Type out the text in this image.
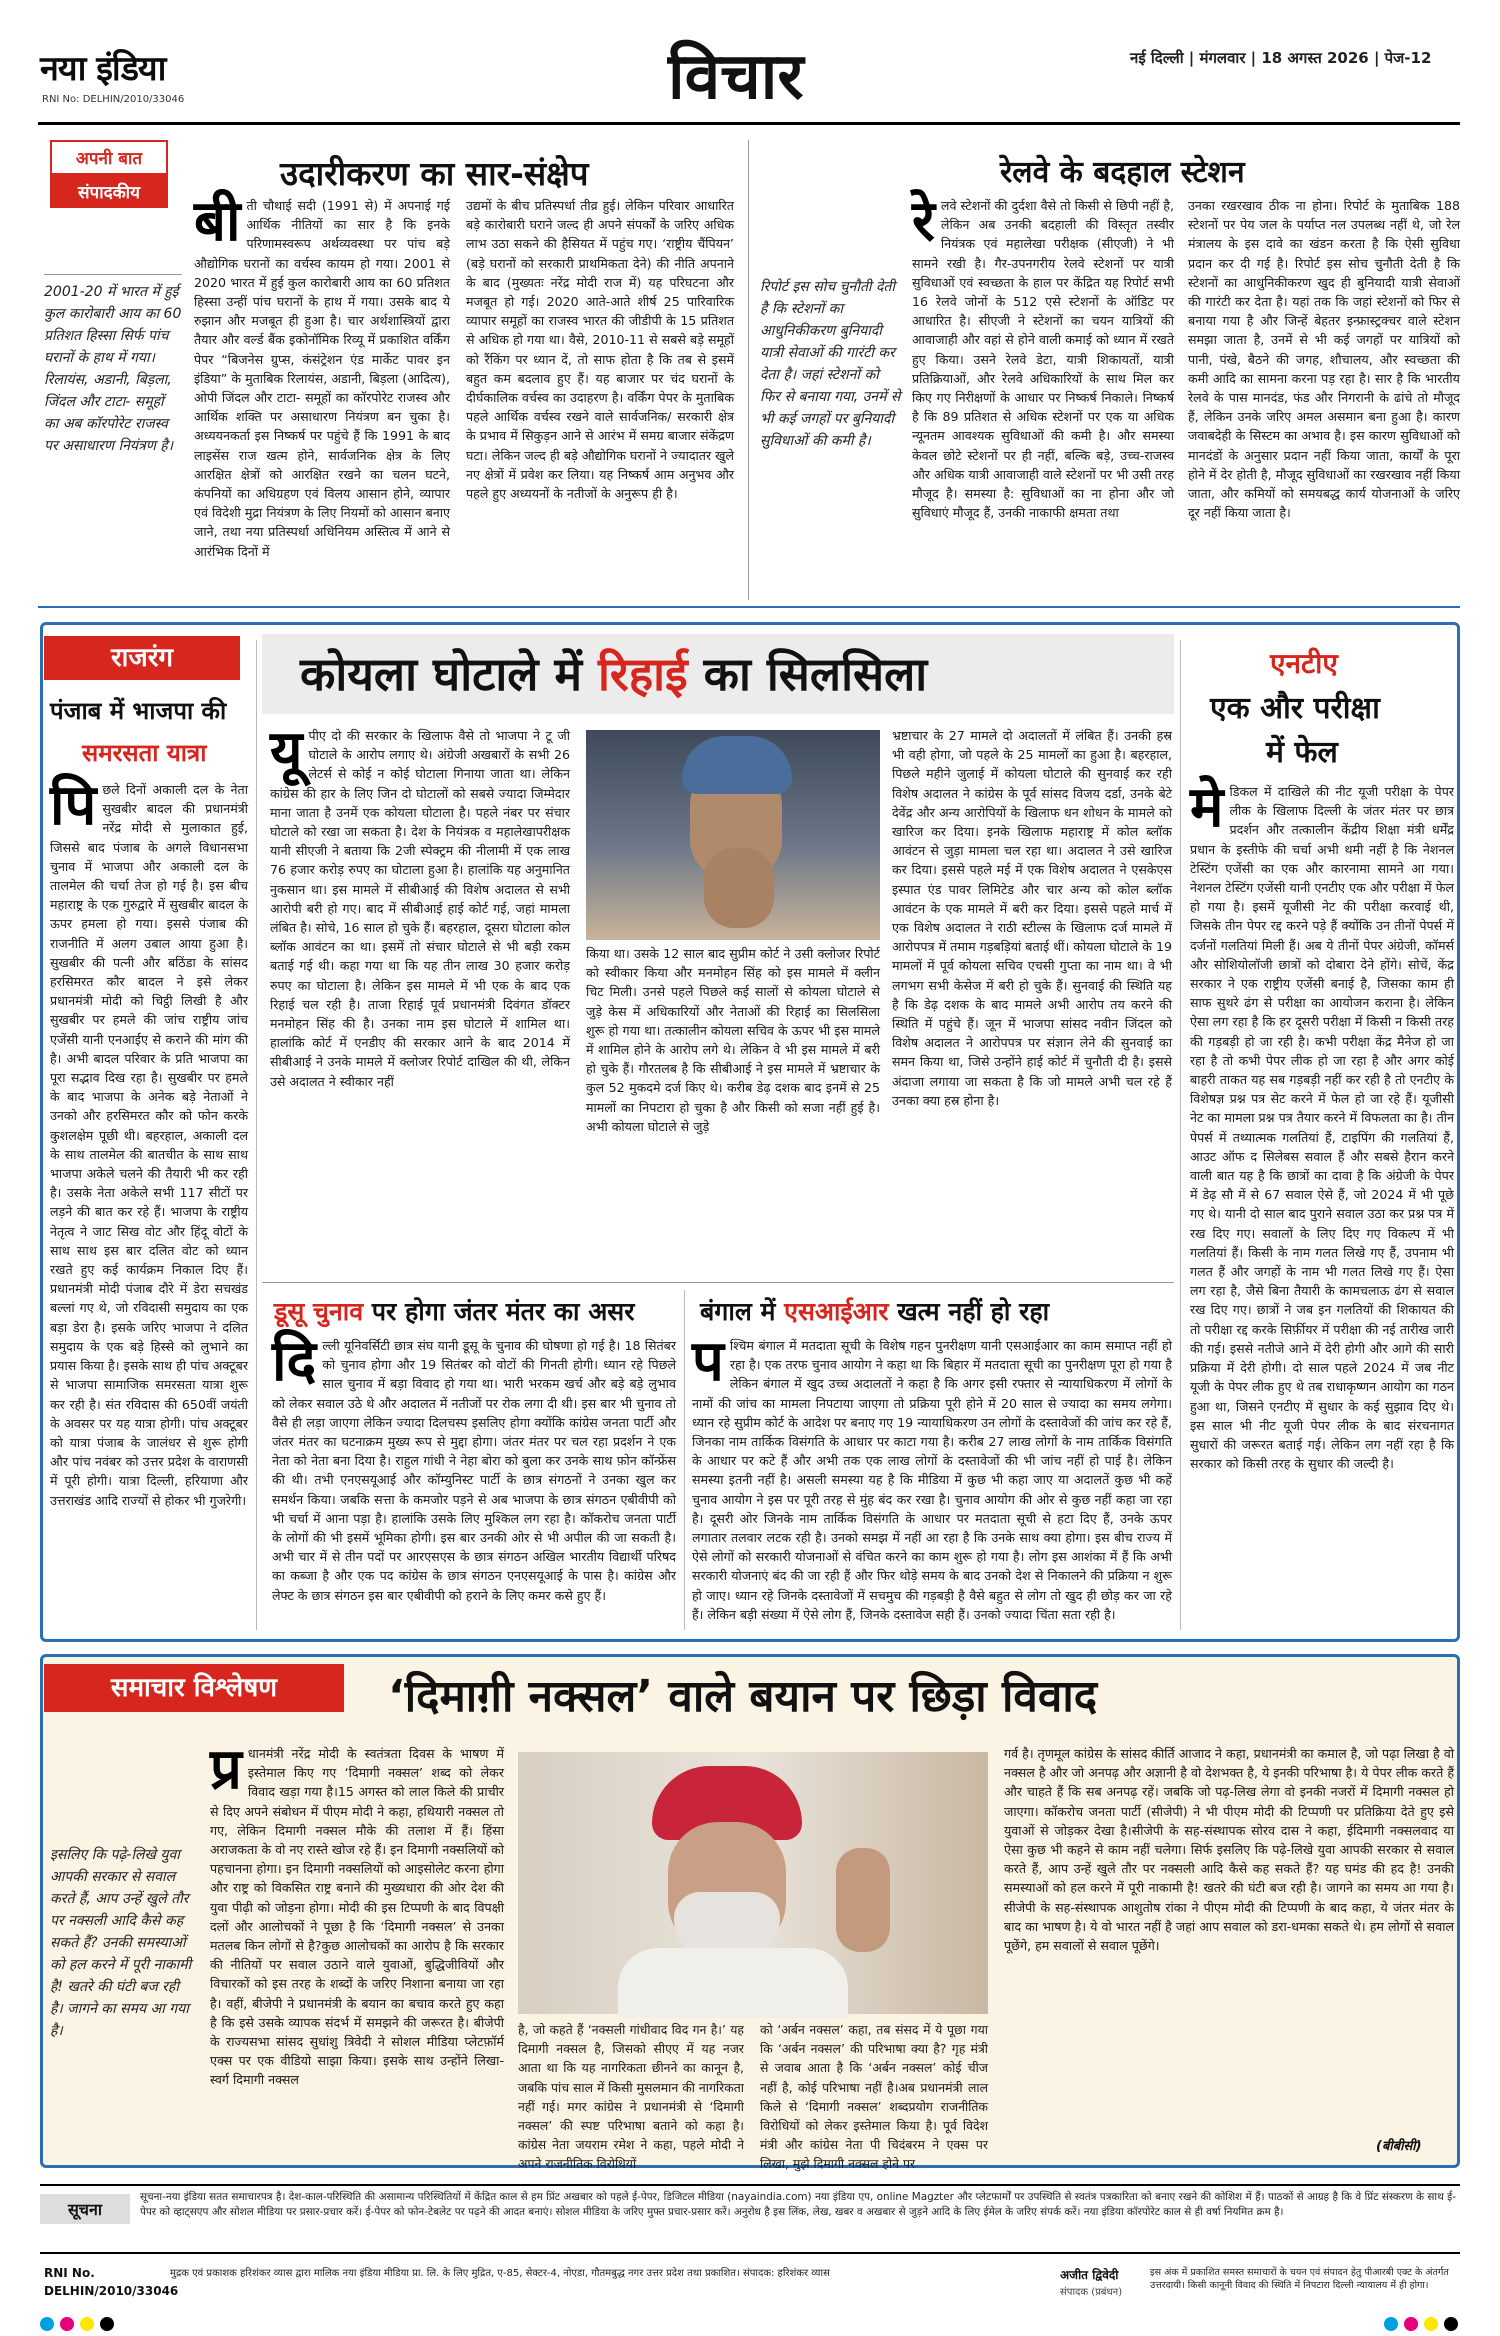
नया इंडिया
RNI No: DELHIN/2010/33046	विचार	नई दिल्ली | मंगलवार | 18 अगस्त 2026 | पेज-12
अपनी बात
संपादकीय	उदारीकरण का सार-संक्षेप
2001-20 में भारत में हुई कुल कारोबारी आय का 60 प्रतिशत हिस्सा सिर्फ पांच घरानों के हाथ में गया। रिलायंस, अडानी, बिड़ला, जिंदल और टाटा- समूहों का अब कॉरपोरेट राजस्व पर असाधारण नियंत्रण है।
बीती चौथाई सदी (1991 से) में अपनाई गई आर्थिक नीतियों का सार है कि इनके परिणामस्वरूप अर्थव्यवस्था पर पांच बड़े औद्योगिक घरानों का वर्चस्व कायम हो गया। 2001 से 2020 भारत में हुई कुल कारोबारी आय का 60 प्रतिशत हिस्सा उन्हीं पांच घरानों के हाथ में गया। उसके बाद ये रुझान और मजबूत ही हुआ है। चार अर्थशास्त्रियों द्वारा तैयार और वर्ल्ड बैंक इकोनॉमिक रिव्यू में प्रकाशित वर्किंग पेपर “बिजनेस ग्रुप्स, कंसंट्रेशन एंड मार्केट पावर इन इंडिया” के मुताबिक रिलायंस, अडानी, बिड़ला (आदित्य), ओपी जिंदल और टाटा- समूहों का कॉरपोरेट राजस्व और आर्थिक शक्ति पर असाधारण नियंत्रण बन चुका है। अध्ययनकर्ता इस निष्कर्ष पर पहुंचे हैं कि 1991 के बाद लाइसेंस राज खत्म होने, सार्वजनिक क्षेत्र के लिए आरक्षित क्षेत्रों को आरक्षित रखने का चलन घटने, कंपनियों का अधिग्रहण एवं विलय आसान होने, व्यापार एवं विदेशी मुद्रा नियंत्रण के लिए नियमों को आसान बनाए जाने, तथा नया प्रतिस्पर्धा अधिनियम अस्तित्व में आने से आरंभिक दिनों में
उद्यमों के बीच प्रतिस्पर्धा तीव्र हुई। लेकिन परिवार आधारित बड़े कारोबारी घराने जल्द ही अपने संपर्कों के जरिए अधिक लाभ उठा सकने की हैसियत में पहुंच गए। ‘राष्ट्रीय चैंपियन’ (बड़े घरानों को सरकारी प्राथमिकता देने) की नीति अपनाने के बाद (मुख्यतः नरेंद्र मोदी राज में) यह परिघटना और मजबूत हो गई। 2020 आते-आते शीर्ष 25 पारिवारिक व्यापार समूहों का राजस्व भारत की जीडीपी के 15 प्रतिशत से अधिक हो गया था। वैसे, 2010-11 से सबसे बड़े समूहों को रैंकिंग पर ध्यान दें, तो साफ होता है कि तब से इसमें बहुत कम बदलाव हुए हैं। यह बाजार पर चंद घरानों के दीर्घकालिक वर्चस्व का उदाहरण है। वर्किंग पेपर के मुताबिक पहले आर्थिक वर्चस्व रखने वाले सार्वजनिक/ सरकारी क्षेत्र के प्रभाव में सिकुड़न आने से आरंभ में समग्र बाजार संकेंद्रण घटा। लेकिन जल्द ही बड़े औद्योगिक घरानों ने ज्यादातर खुले नए क्षेत्रों में प्रवेश कर लिया। यह निष्कर्ष आम अनुभव और पहले हुए अध्ययनों के नतीजों के अनुरूप ही है।
रेलवे के बदहाल स्टेशन
रिपोर्ट इस सोच चुनौती देती है कि स्टेशनों का आधुनिकीकरण बुनियादी यात्री सेवाओं की गारंटी कर देता है। जहां स्टेशनों को फिर से बनाया गया, उनमें से भी कई जगहों पर बुनियादी सुविधाओं की कमी है।
रेलवे स्टेशनों की दुर्दशा वैसे तो किसी से छिपी नहीं है, लेकिन अब उनकी बदहाली की विस्तृत तस्वीर नियंत्रक एवं महालेखा परीक्षक (सीएजी) ने भी सामने रखी है। गैर-उपनगरीय रेलवे स्टेशनों पर यात्री सुविधाओं एवं स्वच्छता के हाल पर केंद्रित यह रिपोर्ट सभी 16 रेलवे जोनों के 512 एसे स्टेशनों के ऑडिट पर आधारित है। सीएजी ने स्टेशनों का चयन यात्रियों की आवाजाही और वहां से होने वाली कमाई को ध्यान में रखते हुए किया। उसने रेलवे डेटा, यात्री शिकायतों, यात्री प्रतिक्रियाओं, और रेलवे अधिकारियों के साथ मिल कर किए गए निरीक्षणों के आधार पर निष्कर्ष निकाले। निष्कर्ष है कि 89 प्रतिशत से अधिक स्टेशनों पर एक या अधिक न्यूनतम आवश्यक सुविधाओं की कमी है। और समस्या केवल छोटे स्टेशनों पर ही नहीं, बल्कि बड़े, उच्च-राजस्व और अधिक यात्री आवाजाही वाले स्टेशनों पर भी उसी तरह मौजूद है। समस्या है: सुविधाओं का ना होना और जो सुविधाएं मौजूद हैं, उनकी नाकाफी क्षमता तथा
उनका रखरखाव ठीक ना होना। रिपोर्ट के मुताबिक 188 स्टेशनों पर पेय जल के पर्याप्त नल उपलब्ध नहीं थे, जो रेल मंत्रालय के इस दावे का खंडन करता है कि ऐसी सुविधा प्रदान कर दी गई है। रिपोर्ट इस सोच चुनौती देती है कि स्टेशनों का आधुनिकीकरण खुद ही बुनियादी यात्री सेवाओं की गारंटी कर देता है। यहां तक कि जहां स्टेशनों को फिर से बनाया गया है और जिन्हें बेहतर इन्फ्रास्ट्रक्चर वाले स्टेशन समझा जाता है, उनमें से भी कई जगहों पर यात्रियों को पानी, पंखे, बैठने की जगह, शौचालय, और स्वच्छता की कमी आदि का सामना करना पड़ रहा है। सार है कि भारतीय रेलवे के पास मानदंड, फंड और निगरानी के ढांचे तो मौजूद हैं, लेकिन उनके जरिए अमल असमान बना हुआ है। कारण जवाबदेही के सिस्टम का अभाव है। इस कारण सुविधाओं को मानदंडों के अनुसार प्रदान नहीं किया जाता, कार्यों के पूरा होने में देर होती है, मौजूद सुविधाओं का रखरखाव नहीं किया जाता, और कमियों को समयबद्ध कार्य योजनाओं के जरिए दूर नहीं किया जाता है।
राजरंग
पंजाब में भाजपा की
समरसता यात्रा
पिछले दिनों अकाली दल के नेता सुखबीर बादल की प्रधानमंत्री नरेंद्र मोदी से मुलाकात हुई, जिससे बाद पंजाब के अगले विधानसभा चुनाव में भाजपा और अकाली दल के तालमेल की चर्चा तेज हो गई है। इस बीच महाराष्ट्र के एक गुरुद्वारे में सुखबीर बादल के ऊपर हमला हो गया। इससे पंजाब की राजनीति में अलग उबाल आया हुआ है। सुखबीर की पत्नी और बठिंडा के सांसद हरसिमरत कौर बादल ने इसे लेकर प्रधानमंत्री मोदी को चिट्ठी लिखी है और सुखबीर पर हमले की जांच राष्ट्रीय जांच एजेंसी यानी एनआईए से कराने की मांग की है। अभी बादल परिवार के प्रति भाजपा का पूरा सद्भाव दिख रहा है। सुखबीर पर हमले के बाद भाजपा के अनेक बड़े नेताओं ने उनको और हरसिमरत कौर को फोन करके कुशलक्षेम पूछी थी। बहरहाल, अकाली दल के साथ तालमेल की बातचीत के साथ साथ भाजपा अकेले चलने की तैयारी भी कर रही है। उसके नेता अकेले सभी 117 सीटों पर लड़ने की बात कर रहे हैं। भाजपा के राष्ट्रीय नेतृत्व ने जाट सिख वोट और हिंदू वोटों के साथ साथ इस बार दलित वोट को ध्यान रखते हुए कई कार्यक्रम निकाल दिए हैं। प्रधानमंत्री मोदी पंजाब दौरे में डेरा सचखंड बल्लां गए थे, जो रविदासी समुदाय का एक बड़ा डेरा है। इसके जरिए भाजपा ने दलित समुदाय के एक बड़े हिस्से को लुभाने का प्रयास किया है। इसके साथ ही पांच अक्टूबर से भाजपा सामाजिक समरसता यात्रा शुरू कर रही है। संत रविदास की 650वीं जयंती के अवसर पर यह यात्रा होगी। पांच अक्टूबर को यात्रा पंजाब के जालंधर से शुरू होगी और पांच नवंबर को उत्तर प्रदेश के वाराणसी में पूरी होगी। यात्रा दिल्ली, हरियाणा और उत्तराखंड आदि राज्यों से होकर भी गुजरेगी।
कोयला घोटाले में रिहाई का सिलसिला
यूपीए दो की सरकार के खिलाफ वैसे तो भाजपा ने टू जी घोटाले के आरोप लगाए थे। अंग्रेजी अखबारों के सभी 26 लेटर्स से कोई न कोई घोटाला गिनाया जाता था। लेकिन कांग्रेस की हार के लिए जिन दो घोटालों को सबसे ज्यादा जिम्मेदार माना जाता है उनमें एक कोयला घोटाला है। पहले नंबर पर संचार घोटाले को रखा जा सकता है। देश के नियंत्रक व महालेखापरीक्षक यानी सीएजी ने बताया कि 2जी स्पेक्ट्रम की नीलामी में एक लाख 76 हजार करोड़ रुपए का घोटाला हुआ है। हालांकि यह अनुमानित नुकसान था। इस मामले में सीबीआई की विशेष अदालत से सभी आरोपी बरी हो गए। बाद में सीबीआई हाई कोर्ट गई, जहां मामला लंबित है। सोचे, 16 साल हो चुके हैं। बहरहाल, दूसरा घोटाला कोल ब्लॉक आवंटन का था। इसमें तो संचार घोटाले से भी बड़ी रकम बताई गई थी। कहा गया था कि यह तीन लाख 30 हजार करोड़ रुपए का घोटाला है। लेकिन इस मामले में भी एक के बाद एक रिहाई चल रही है। ताजा रिहाई पूर्व प्रधानमंत्री दिवंगत डॉक्टर मनमोहन सिंह की है। उनका नाम इस घोटाले में शामिल था। हालांकि कोर्ट में एनडीए की सरकार आने के बाद 2014 में सीबीआई ने उनके मामले में क्लोजर रिपोर्ट दाखिल की थी, लेकिन उसे अदालत ने स्वीकार नहीं
किया था। उसके 12 साल बाद सुप्रीम कोर्ट ने उसी क्लोजर रिपोर्ट को स्वीकार किया और मनमोहन सिंह को इस मामले में क्लीन चिट मिली। उनसे पहले पिछले कई सालों से कोयला घोटाले से जुड़े केस में अधिकारियों और नेताओं की रिहाई का सिलसिला शुरू हो गया था। तत्कालीन कोयला सचिव के ऊपर भी इस मामले में शामिल होने के आरोप लगे थे। लेकिन वे भी इस मामले में बरी हो चुके हैं। गौरतलब है कि सीबीआई ने इस मामले में भ्रष्टाचार के कुल 52 मुकदमे दर्ज किए थे। करीब डेढ़ दशक बाद इनमें से 25 मामलों का निपटारा हो चुका है और किसी को सजा नहीं हुई है। अभी कोयला घोटाले से जुड़े
भ्रष्टाचार के 27 मामले दो अदालतों में लंबित हैं। उनकी हस्र भी वही होगा, जो पहले के 25 मामलों का हुआ है। बहरहाल, पिछले महीने जुलाई में कोयला घोटाले की सुनवाई कर रही विशेष अदालत ने कांग्रेस के पूर्व सांसद विजय दर्डा, उनके बेटे देवेंद्र और अन्य आरोपियों के खिलाफ धन शोधन के मामले को खारिज कर दिया। इनके खिलाफ महाराष्ट्र में कोल ब्लॉक आवंटन से जुड़ा मामला चल रहा था। अदालत ने उसे खारिज कर दिया। इससे पहले मई में एक विशेष अदालत ने एसकेएस इस्पात एंड पावर लिमिटेड और चार अन्य को कोल ब्लॉक आवंटन के एक मामले में बरी कर दिया। इससे पहले मार्च में एक विशेष अदालत ने राठी स्टील्स के खिलाफ दर्ज मामले में आरोपपत्र में तमाम गड़बड़ियां बताई थीं। कोयला घोटाले के 19 मामलों में पूर्व कोयला सचिव एचसी गुप्ता का नाम था। वे भी लगभग सभी केसेज में बरी हो चुके हैं। सुनवाई की स्थिति यह है कि डेढ़ दशक के बाद मामले अभी आरोप तय करने की स्थिति में पहुंचे हैं। जून में भाजपा सांसद नवीन जिंदल को विशेष अदालत ने आरोपपत्र पर संज्ञान लेने की सुनवाई का समन किया था, जिसे उन्होंने हाई कोर्ट में चुनौती दी है। इससे अंदाजा लगाया जा सकता है कि जो मामले अभी चल रहे हैं उनका क्या हस्र होना है।
एनटीए
एक और परीक्षा
में फेल
मेडिकल में दाखिले की नीट यूजी परीक्षा के पेपर लीक के खिलाफ दिल्ली के जंतर मंतर पर छात्र प्रदर्शन और तत्कालीन केंद्रीय शिक्षा मंत्री धर्मेंद्र प्रधान के इस्तीफे की चर्चा अभी थमी नहीं है कि नेशनल टेस्टिंग एजेंसी का एक और कारनामा सामने आ गया। नेशनल टेस्टिंग एजेंसी यानी एनटीए एक और परीक्षा में फेल हो गया है। इसमें यूजीसी नेट की परीक्षा करवाई थी, जिसके तीन पेपर रद्द करने पड़े हैं क्योंकि उन तीनों पेपर्स में दर्जनों गलतियां मिली हैं। अब ये तीनों पेपर अंग्रेजी, कॉमर्स और सोशियोलॉजी छात्रों को दोबारा देने होंगे। सोचें, केंद्र सरकार ने एक राष्ट्रीय एजेंसी बनाई है, जिसका काम ही साफ सुथरे ढंग से परीक्षा का आयोजन कराना है। लेकिन ऐसा लग रहा है कि हर दूसरी परीक्षा में किसी न किसी तरह की गड़बड़ी हो जा रही है। कभी परीक्षा केंद्र मैनेज हो जा रहा है तो कभी पेपर लीक हो जा रहा है और अगर कोई बाहरी ताकत यह सब गड़बड़ी नहीं कर रही है तो एनटीए के विशेषज्ञ प्रश्न पत्र सेट करने में फेल हो जा रहे हैं। यूजीसी नेट का मामला प्रश्न पत्र तैयार करने में विफलता का है। तीन पेपर्स में तथ्यात्मक गलतियां हैं, टाइपिंग की गलतियां हैं, आउट ऑफ द सिलेबस सवाल हैं और सबसे हैरान करने वाली बात यह है कि छात्रों का दावा है कि अंग्रेजी के पेपर में डेढ़ सौ में से 67 सवाल ऐसे हैं, जो 2024 में भी पूछे गए थे। यानी दो साल बाद पुराने सवाल उठा कर प्रश्न पत्र में रख दिए गए। सवालों के लिए दिए गए विकल्प में भी गलतियां हैं। किसी के नाम गलत लिखे गए हैं, उपनाम भी गलत हैं और जगहों के नाम भी गलत लिखे गए हैं। ऐसा लग रहा है, जैसे बिना तैयारी के कामचलाऊ ढंग से सवाल रख दिए गए। छात्रों ने जब इन गलतियों की शिकायत की तो परीक्षा रद्द करके सिर्फ़ीयर में परीक्षा की नई तारीख जारी की गई। इससे नतीजे आने में देरी होगी और आगे की सारी प्रक्रिया में देरी होगी। दो साल पहले 2024 में जब नीट यूजी के पेपर लीक हुए थे तब राधाकृष्णन आयोग का गठन हुआ था, जिसने एनटीए में सुधार के कई सुझाव दिए थे। इस साल भी नीट यूजी पेपर लीक के बाद संरचनागत सुधारों की जरूरत बताई गई। लेकिन लग नहीं रहा है कि सरकार को किसी तरह के सुधार की जल्दी है।
डूसू चुनाव पर होगा जंतर मंतर का असर
दिल्ली यूनिवर्सिटी छात्र संघ यानी डूसू के चुनाव की घोषणा हो गई है। 18 सितंबर को चुनाव होगा और 19 सितंबर को वोटों की गिनती होगी। ध्यान रहे पिछले साल चुनाव में बड़ा विवाद हो गया था। भारी भरकम खर्च और बड़े बड़े लुभाव को लेकर सवाल उठे थे और अदालत में नतीजों पर रोक लगा दी थी। इस बार भी चुनाव तो वैसे ही लड़ा जाएगा लेकिन ज्यादा दिलचस्प इसलिए होगा क्योंकि कांग्रेस जनता पार्टी और जंतर मंतर का घटनाक्रम मुख्य रूप से मुद्दा होगा। जंतर मंतर पर चल रहा प्रदर्शन ने एक नेता को नेता बना दिया है। राहुल गांधी ने नेहा बोरा को बुला कर उनके साथ फ़ोन कॉन्फ्रेंस की थी। तभी एनएसयूआई और कॉम्युनिस्ट पार्टी के छात्र संगठनों ने उनका खुल कर समर्थन किया। जबकि सत्ता के कमजोर पड़ने से अब भाजपा के छात्र संगठन एबीवीपी को भी चर्चा में आना पड़ा है। हालांकि उसके लिए मुश्किल लग रहा है। कॉकरोच जनता पार्टी के लोगों की भी इसमें भूमिका होगी। इस बार उनकी ओर से भी अपील की जा सकती है। अभी चार में से तीन पदों पर आरएसएस के छात्र संगठन अखिल भारतीय विद्यार्थी परिषद का कब्जा है और एक पद कांग्रेस के छात्र संगठन एनएसयूआई के पास है। कांग्रेस और लेफ्ट के छात्र संगठन इस बार एबीवीपी को हराने के लिए कमर कसे हुए हैं।
बंगाल में एसआईआर खत्म नहीं हो रहा
पश्चिम बंगाल में मतदाता सूची के विशेष गहन पुनरीक्षण यानी एसआईआर का काम समाप्त नहीं हो रहा है। एक तरफ चुनाव आयोग ने कहा था कि बिहार में मतदाता सूची का पुनरीक्षण पूरा हो गया है लेकिन बंगाल में खुद उच्च अदालतों ने कहा है कि अगर इसी रफ्तार से न्यायाधिकरण में लोगों के नामों की जांच का मामला निपटाया जाएगा तो प्रक्रिया पूरी होने में 20 साल से ज्यादा का समय लगेगा। ध्यान रहे सुप्रीम कोर्ट के आदेश पर बनाए गए 19 न्यायाधिकरण उन लोगों के दस्तावेजों की जांच कर रहे हैं, जिनका नाम तार्किक विसंगति के आधार पर काटा गया है। करीब 27 लाख लोगों के नाम तार्किक विसंगति के आधार पर कटे हैं और अभी तक एक लाख लोगों के दस्तावेजों की भी जांच नहीं हो पाई है। लेकिन समस्या इतनी नहीं है। असली समस्या यह है कि मीडिया में कुछ भी कहा जाए या अदालतें कुछ भी कहें चुनाव आयोग ने इस पर पूरी तरह से मुंह बंद कर रखा है। चुनाव आयोग की ओर से कुछ नहीं कहा जा रहा है। दूसरी ओर जिनके नाम तार्किक विसंगति के आधार पर मतदाता सूची से हटा दिए हैं, उनके ऊपर लगातार तलवार लटक रही है। उनको समझ में नहीं आ रहा है कि उनके साथ क्या होगा। इस बीच राज्य में ऐसे लोगों को सरकारी योजनाओं से वंचित करने का काम शुरू हो गया है। लोग इस आशंका में हैं कि अभी सरकारी योजनाएं बंद की जा रही हैं और फिर थोड़े समय के बाद उनको देश से निकालने की प्रक्रिया न शुरू हो जाए। ध्यान रहे जिनके दस्तावेजों में सचमुच की गड़बड़ी है वैसे बहुत से लोग तो खुद ही छोड़ कर जा रहे हैं। लेकिन बड़ी संख्या में ऐसे लोग हैं, जिनके दस्तावेज सही हैं। उनको ज्यादा चिंता सता रही है।
समाचार विश्लेषण	‘दिमाग़ी नक्सल’ वाले बयान पर छिड़ा विवाद
इसलिए कि पढ़े-लिखे युवा आपकी सरकार से सवाल करते हैं, आप उन्हें खुले तौर पर नक्सली आदि कैसे कह सकते हैं? उनकी समस्याओं को हल करने में पूरी नाकामी है! खतरे की घंटी बज रही है। जागने का समय आ गया है।
प्रधानमंत्री नरेंद्र मोदी के स्वतंत्रता दिवस के भाषण में इस्तेमाल किए गए ‘दिमागी नक्सल’ शब्द को लेकर विवाद खड़ा गया है।15 अगस्त को लाल किले की प्राचीर से दिए अपने संबोधन में पीएम मोदी ने कहा, हथियारी नक्सल तो गए, लेकिन दिमागी नक्सल मौके की तलाश में हैं। हिंसा अराजकता के वो नए रास्ते खोज रहे हैं। इन दिमागी नक्सलियों को पहचानना होगा। इन दिमागी नक्सलियों को आइसोलेट करना होगा और राष्ट्र को विकसित राष्ट्र बनाने की मुख्यधारा की ओर देश की युवा पीढ़ी को जोड़ना होगा। मोदी की इस टिप्पणी के बाद विपक्षी दलों और आलोचकों ने पूछा है कि ‘दिमागी नक्सल’ से उनका मतलब किन लोगों से है?कुछ आलोचकों का आरोप है कि सरकार की नीतियों पर सवाल उठाने वाले युवाओं, बुद्धिजीवियों और विचारकों को इस तरह के शब्दों के जरिए निशाना बनाया जा रहा है। वहीं, बीजेपी ने प्रधानमंत्री के बयान का बचाव करते हुए कहा है कि इसे उसके व्यापक संदर्भ में समझने की जरूरत है। बीजेपी के राज्यसभा सांसद सुधांशु त्रिवेदी ने सोशल मीडिया प्लेटफ़ॉर्म एक्स पर एक वीडियो साझा किया। इसके साथ उन्होंने लिखा- स्वर्ग दिमागी नक्सल
है, जो कहते हैं ‘नक्सली गांधीवाद विद गन है।’ यह दिमागी नक्सल है, जिसको सीएए में यह नजर आता था कि यह नागरिकता छीनने का कानून है, जबकि पांच साल में किसी मुसलमान की नागरिकता नहीं गई। मगर कांग्रेस ने प्रधानमंत्री से ‘दिमागी नक्सल’ की स्पष्ट परिभाषा बताने को कहा है।कांग्रेस नेता जयराम रमेश ने कहा, पहले मोदी ने अपने राजनीतिक विरोधियों
को ‘अर्बन नक्सल’ कहा, तब संसद में ये पूछा गया कि ‘अर्बन नक्सल’ की परिभाषा क्या है? गृह मंत्री से जवाब आता है कि ‘अर्बन नक्सल’ कोई चीज नहीं है, कोई परिभाषा नहीं है।अब प्रधानमंत्री लाल किले से ‘दिमागी नक्सल’ शब्दप्रयोग राजनीतिक विरोधियों को लेकर इस्तेमाल किया है। पूर्व विदेश मंत्री और कांग्रेस नेता पी चिदंबरम ने एक्स पर लिखा, मुझे दिमागी नक्सल होने पर
गर्व है। तृणमूल कांग्रेस के सांसद कीर्ति आजाद ने कहा, प्रधानमंत्री का कमाल है, जो पढ़ा लिखा है वो नक्सल है और जो अनपढ़ और अज्ञानी है वो देशभक्त है, ये इनकी परिभाषा है। ये पेपर लीक करते हैं और चाहते हैं कि सब अनपढ़ रहें। जबकि जो पढ़-लिख लेगा वो इनकी नजरों में दिमागी नक्सल हो जाएगा। कॉकरोच जनता पार्टी (सीजेपी) ने भी पीएम मोदी की टिप्पणी पर प्रतिक्रिया देते हुए इसे युवाओं से जोड़कर देखा है।सीजेपी के सह-संस्थापक सोरव दास ने कहा, ईदिमागी नक्सलवाद या ऐसा कुछ भी कहने से काम नहीं चलेगा। सिर्फ इसलिए कि पढ़े-लिखे युवा आपकी सरकार से सवाल करते हैं, आप उन्हें खुले तौर पर नक्सली आदि कैसे कह सकते हैं? यह घमंड की हद है! उनकी समस्याओं को हल करने में पूरी नाकामी है! खतरे की घंटी बज रही है। जागने का समय आ गया है। सीजेपी के सह-संस्थापक आशुतोष रांका ने पीएम मोदी की टिप्पणी के बाद कहा, ये जंतर मंतर के बाद का भाषण है। ये वो भारत नहीं है जहां आप सवाल को डरा-धमका सकते थे। हम लोगों से सवाल पूछेंगे, हम सवालों से सवाल पूछेंगे।
(बीबीसी)
सूचना
सूचना-नया इंडिया सतत समाचारपत्र है। देश-काल-परिस्थिति की असामान्य परिस्थितियों में केंद्रित काल से हम प्रिंट अखबार को पहले ई-पेपर, डिजिटल मीडिया (nayaindia.com) नया इंडिया एप, online Magzter और प्लेटफार्मों पर उपस्थिति से स्वतंत्र पत्रकारिता को बनाए रखने की कोशिश में हैं। पाठकों से आग्रह है कि वे प्रिंट संस्करण के साथ ई-पेपर को व्हाट्सएप और सोशल मीडिया पर प्रसार-प्रचार करें। ई-पेपर को फोन-टेबलेट पर पढ़ने की आदत बनाएं। सोशल मीडिया के जरिए मुफ्त प्रचार-प्रसार करें। अनुरोध है इस लिंक, लेख, खबर व अखबार से जुड़ने आदि के लिए ईमेल के जरिए संपर्क करें। नया इंडिया कॉरपोरेट काल से ही वर्षा नियमित क्रम है।
RNI No.
DELHIN/2010/33046
मुद्रक एवं प्रकाशक हरिशंकर व्यास द्वारा मालिक नया इंडिया मीडिया प्रा. लि. के लिए मुद्रित, ए-85, सेक्टर-4, नोएडा, गौतमबुद्ध नगर उत्तर प्रदेश तथा प्रकाशित। संपादक: हरिशंकर व्यास	अजीत द्विवेदी
संपादक (प्रबंधन)
इस अंक में प्रकाशित समस्त समाचारों के चयन एवं संपादन हेतु पीआरबी एक्ट के अंतर्गत उत्तरदायी। किसी कानूनी विवाद की स्थिति में निपटारा दिल्ली न्यायालय में ही होगा।
